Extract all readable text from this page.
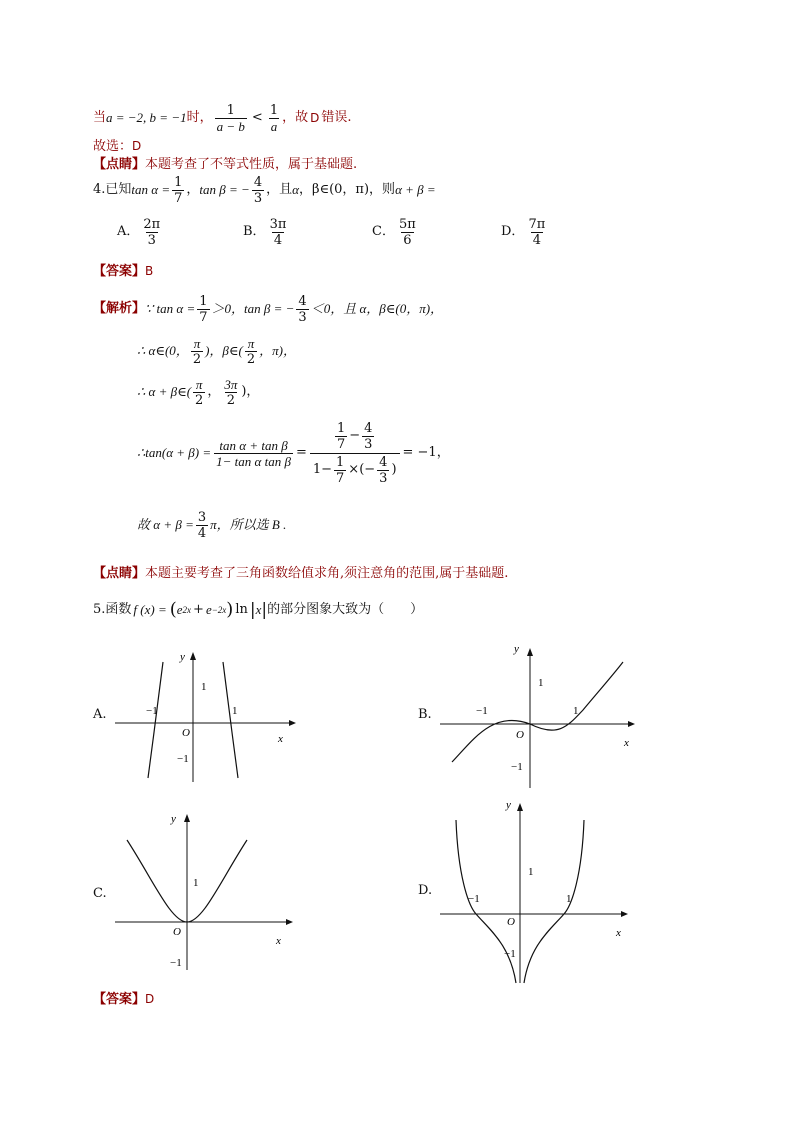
当 a = −2, b = −1 时， $\frac{1}{a - b} < \frac{1}{a}$ ，故 D 错误.
故选：D
【点睛】本题考查了不等式性质，属于基础题.
4.已知 $\tan \alpha = \frac{1}{7}$ ， tan β = − $\frac{4}{3}$ ，且 α ， β∈(0，π)，则 α + β =
A． $\frac{2\pi}{3}$	B． $\frac{3\pi}{4}$	C． $\frac{5\pi}{6}$	D． $\frac{7\pi}{4}$
【答案】B
【解析】 ∵ $\tan \alpha = \frac{1}{7} >0$，tan β = − $\frac{4}{3} <0$，且 α，β∈(0，π)，
∴ α∈(0， $\frac{\pi}{2}$ )，β∈( $\frac{\pi}{2}$ ，π)，
∴ α + β∈( $\frac{\pi}{2}$ ， $\frac{3\pi}{2}$ )，
∴tan(α + $\beta) = \frac{\text{tan α + tan β}}{\text{1− tan α tan β}} = \frac{\frac{1}{7} - \frac{4}{3}}{1- \frac{1}{7} \times(- \frac{4}{3} )} = -1$，
故 $\alpha + \beta = \frac{3}{4}$ π，所以选 B .
【点睛】本题主要考查了三角函数给值求角,须注意角的范围,属于基础题.
5.函数 f (x) = ( e 2x + e −2x ) ln | x | 的部分图象大致为（　　）
A.
y
x
O
−1	1
1
−1
B.
y
x
O
−1	1
1
−1
C.
y
x
O
1
−1
D.
y
x
O
−1	1
1
−1
【答案】D
